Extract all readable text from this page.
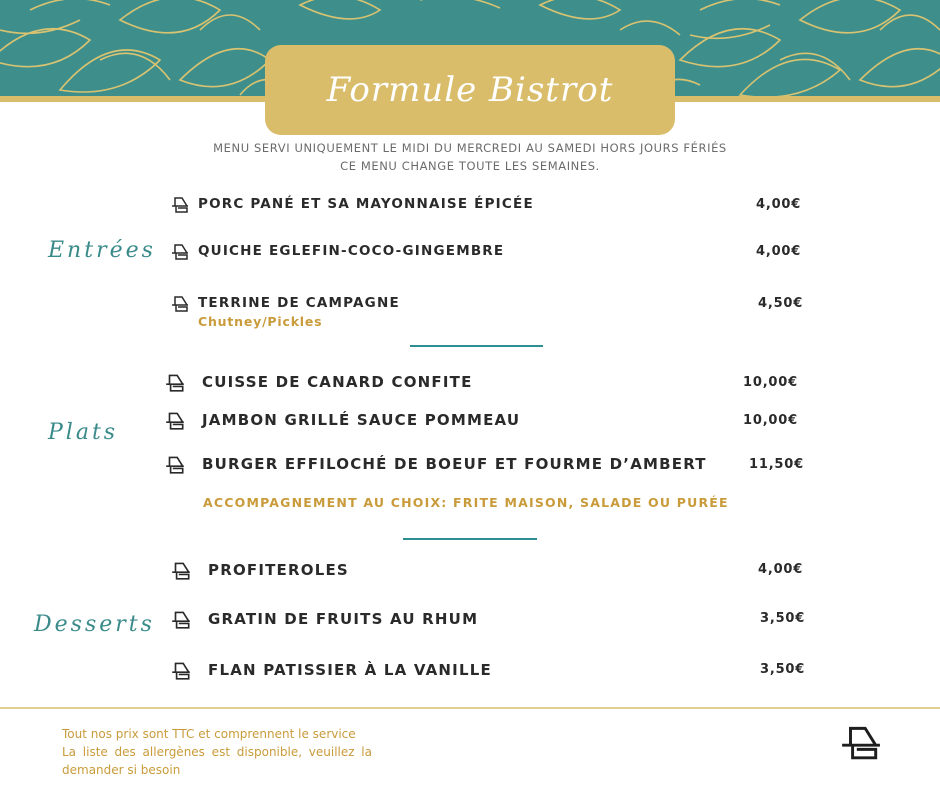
Formule Bistrot
MENU SERVI UNIQUEMENT LE MIDI DU MERCREDI AU SAMEDI HORS JOURS FÉRIÉS
CE MENU CHANGE TOUTE LES SEMAINES.
Entrées
Plats
Desserts
PORC PANÉ ET SA MAYONNAISE ÉPICÉE	4,00€
QUICHE EGLEFIN-COCO-GINGEMBRE	4,00€
TERRINE DE CAMPAGNE	4,50€
Chutney/Pickles
CUISSE DE CANARD CONFITE	10,00€
JAMBON GRILLÉ SAUCE POMMEAU	10,00€
BURGER EFFILOCHÉ DE BOEUF ET FOURME D’AMBERT	11,50€
ACCOMPAGNEMENT AU CHOIX: FRITE MAISON, SALADE OU PURÉE
PROFITEROLES	4,00€
GRATIN DE FRUITS AU RHUM	3,50€
FLAN PATISSIER À LA VANILLE	3,50€
Tout nos prix sont TTC et comprennent le service
La liste des allergènes est disponible, veuillez la demander si besoin
